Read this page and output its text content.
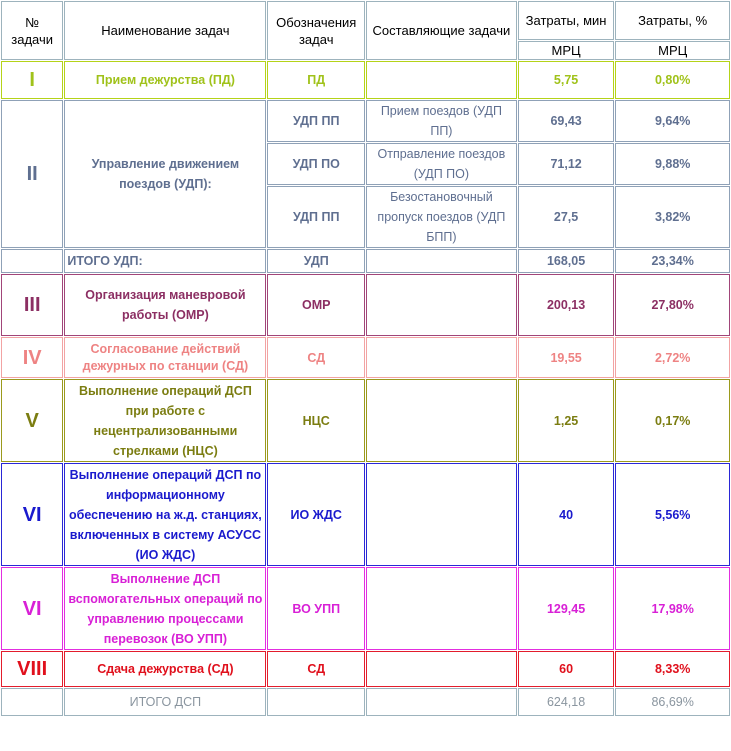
№ задачи	Наименование задач	Обозначения задач	Составляющие задачи	Затраты, мин	Затраты, %
				МРЦ	МРЦ
I	Прием дежурства (ПД)	ПД		5,75	0,80%
II	Управление движением поездов (УДП):	УДП ПП	Прием поездов (УДП ПП)	69,43	9,64%
		УДП ПО	Отправление поездов (УДП ПО)	71,12	9,88%
		УДП ПП	Безостановочный пропуск поездов (УДП БПП)	27,5	3,82%
	ИТОГО УДП:	УДП		168,05	23,34%
III	Организация маневровой работы (ОМР)	ОМР		200,13	27,80%
IV	Согласование действий дежурных по станции (СД)	СД		19,55	2,72%
V	Выполнение операций ДСП при работе с нецентрализованными стрелками (НЦС)	НЦС		1,25	0,17%
VI	Выполнение операций ДСП по информационному обеспечению на ж.д. станциях, включенных в систему АСУСС (ИО ЖДС)	ИО ЖДС		40	5,56%
VI	Выполнение ДСП вспомогательных операций по управлению процессами перевозок (ВО УПП)	ВО УПП		129,45	17,98%
VIII	Сдача дежурства (СД)	СД		60	8,33%
	ИТОГО ДСП			624,18	86,69%
